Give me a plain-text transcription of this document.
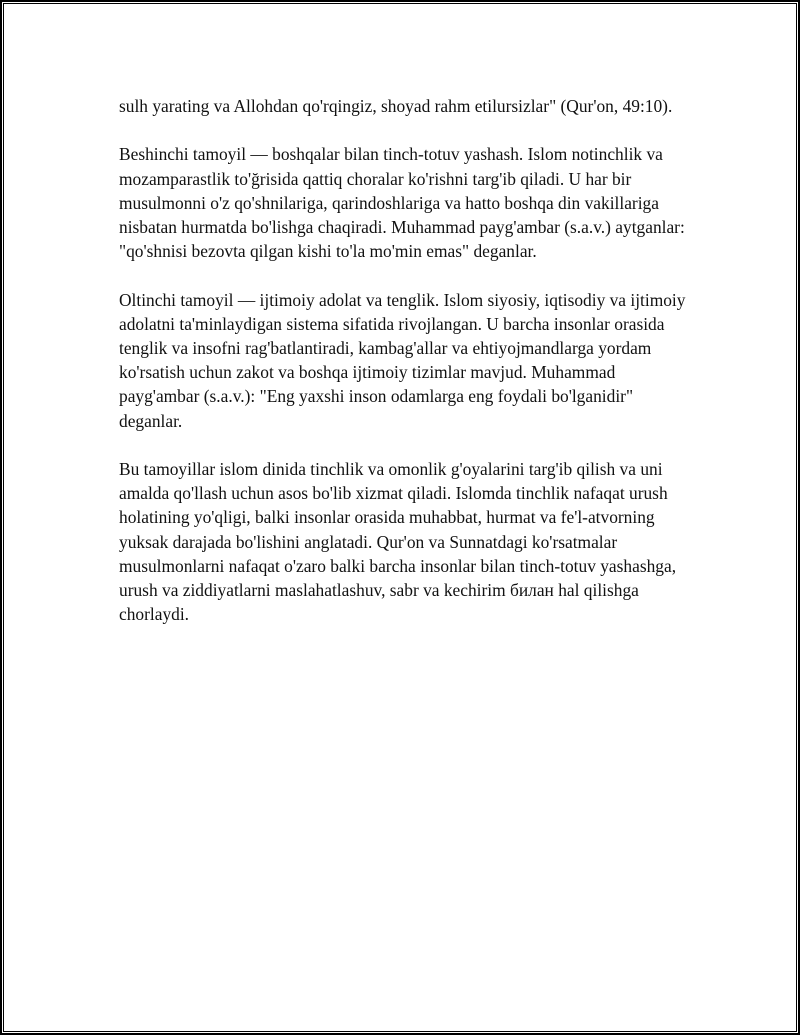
sulh yarating va Allohdan qo'rqingiz, shoyad rahm etilursizlar" (Qur'on, 49:10).

Beshinchi tamoyil — boshqalar bilan tinch-totuv yashash. Islom notinchlik va mozamparastlik to'ğrisida qattiq choralar ko'rishni targ'ib qiladi. U har bir musulmonni o'z qo'shnilariga, qarindoshlariga va hatto boshqa din vakillariga nisbatan hurmatda bo'lishga chaqiradi. Muhammad payg'ambar (s.a.v.) aytganlar: "qo'shnisi bezovta qilgan kishi to'la mo'min emas" deganlar.

Oltinchi tamoyil — ijtimoiy adolat va tenglik. Islom siyosiy, iqtisodiy va ijtimoiy adolatni ta'minlaydigan sistema sifatida rivojlangan. U barcha insonlar orasida tenglik va insofni rag'batlantiradi, kambag'allar va ehtiyojmandlarga yordam ko'rsatish uchun zakot va boshqa ijtimoiy tizimlar mavjud. Muhammad payg'ambar (s.a.v.): "Eng yaxshi inson odamlarga eng foydali bo'lganidir" deganlar.

Bu tamoyillar islom dinida tinchlik va omonlik g'oyalarini targ'ib qilish va uni amalda qo'llash uchun asos bo'lib xizmat qiladi. Islomda tinchlik nafaqat urush holatining yo'qligi, balki insonlar orasida muhabbat, hurmat va fe'l-atvorning yuksak darajada bo'lishini anglatadi. Qur'on va Sunnatdagi ko'rsatmalar musulmonlarni nafaqat o'zaro balki barcha insonlar bilan tinch-totuv yashashga, urush va ziddiyatlarni maslahatlashuv, sabr va kechirim билан hal qilishga chorlaydi.
